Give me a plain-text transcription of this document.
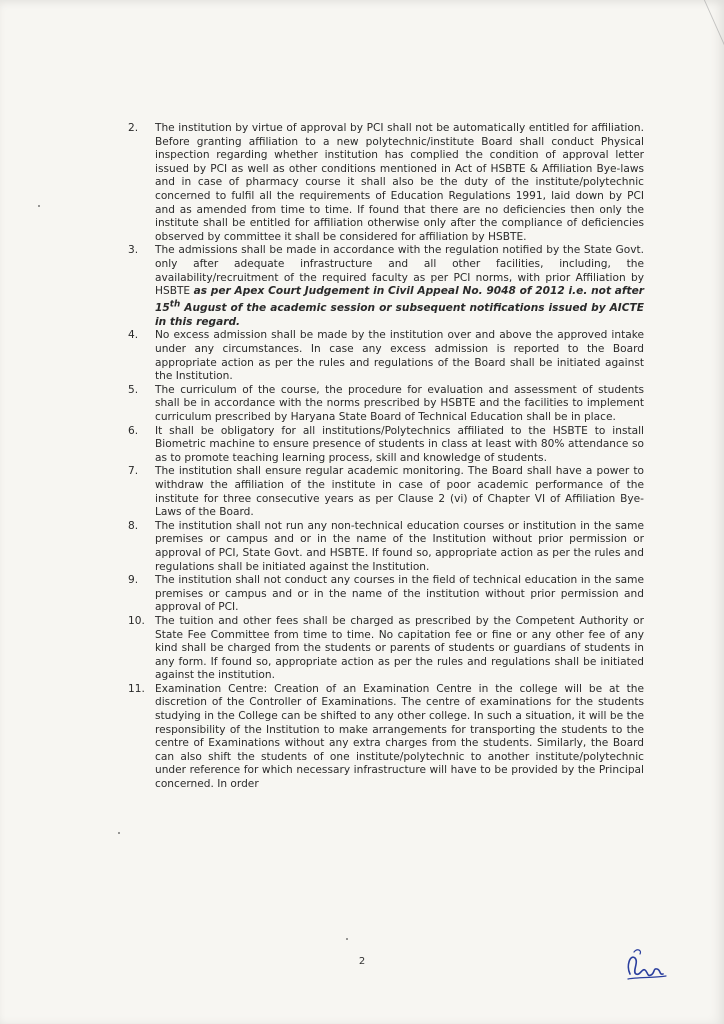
2.	The institution by virtue of approval by PCI shall not be automatically entitled for affiliation. Before granting affiliation to a new polytechnic/institute Board shall conduct Physical inspection regarding whether institution has complied the condition of approval letter issued by PCI as well as other conditions mentioned in Act of HSBTE & Affiliation Bye-laws and in case of pharmacy course it shall also be the duty of the institute/polytechnic concerned to fulfil all the requirements of Education Regulations 1991, laid down by PCI and as amended from time to time. If found that there are no deficiencies then only the institute shall be entitled for affiliation otherwise only after the compliance of deficiencies observed by committee it shall be considered for affiliation by HSBTE.
3.	The admissions shall be made in accordance with the regulation notified by the State Govt. only after adequate infrastructure and all other facilities, including, the availability/recruitment of the required faculty as per PCI norms, with prior Affiliation by HSBTE as per Apex Court Judgement in Civil Appeal No. 9048 of 2012 i.e. not after 15th August of the academic session or subsequent notifications issued by AICTE in this regard.
4.	No excess admission shall be made by the institution over and above the approved intake under any circumstances. In case any excess admission is reported to the Board appropriate action as per the rules and regulations of the Board shall be initiated against the Institution.
5.	The curriculum of the course, the procedure for evaluation and assessment of students shall be in accordance with the norms prescribed by HSBTE and the facilities to implement curriculum prescribed by Haryana State Board of Technical Education shall be in place.
6.	It shall be obligatory for all institutions/Polytechnics affiliated to the HSBTE to install Biometric machine to ensure presence of students in class at least with 80% attendance so as to promote teaching learning process, skill and knowledge of students.
7.	The institution shall ensure regular academic monitoring. The Board shall have a power to withdraw the affiliation of the institute in case of poor academic performance of the institute for three consecutive years as per Clause 2 (vi) of Chapter VI of Affiliation Bye-Laws of the Board.
8.	The institution shall not run any non-technical education courses or institution in the same premises or campus and or in the name of the Institution without prior permission or approval of PCI, State Govt. and HSBTE. If found so, appropriate action as per the rules and regulations shall be initiated against the Institution.
9.	The institution shall not conduct any courses in the field of technical education in the same premises or campus and or in the name of the institution without prior permission and approval of PCI.
10. The tuition and other fees shall be charged as prescribed by the Competent Authority or State Fee Committee from time to time. No capitation fee or fine or any other fee of any kind shall be charged from the students or parents of students or guardians of students in any form. If found so, appropriate action as per the rules and regulations shall be initiated against the institution.
11. Examination Centre: Creation of an Examination Centre in the college will be at the discretion of the Controller of Examinations. The centre of examinations for the students studying in the College can be shifted to any other college. In such a situation, it will be the responsibility of the Institution to make arrangements for transporting the students to the centre of Examinations without any extra charges from the students. Similarly, the Board can also shift the students of one institute/polytechnic to another institute/polytechnic under reference for which necessary infrastructure will have to be provided by the Principal concerned. In order
2
